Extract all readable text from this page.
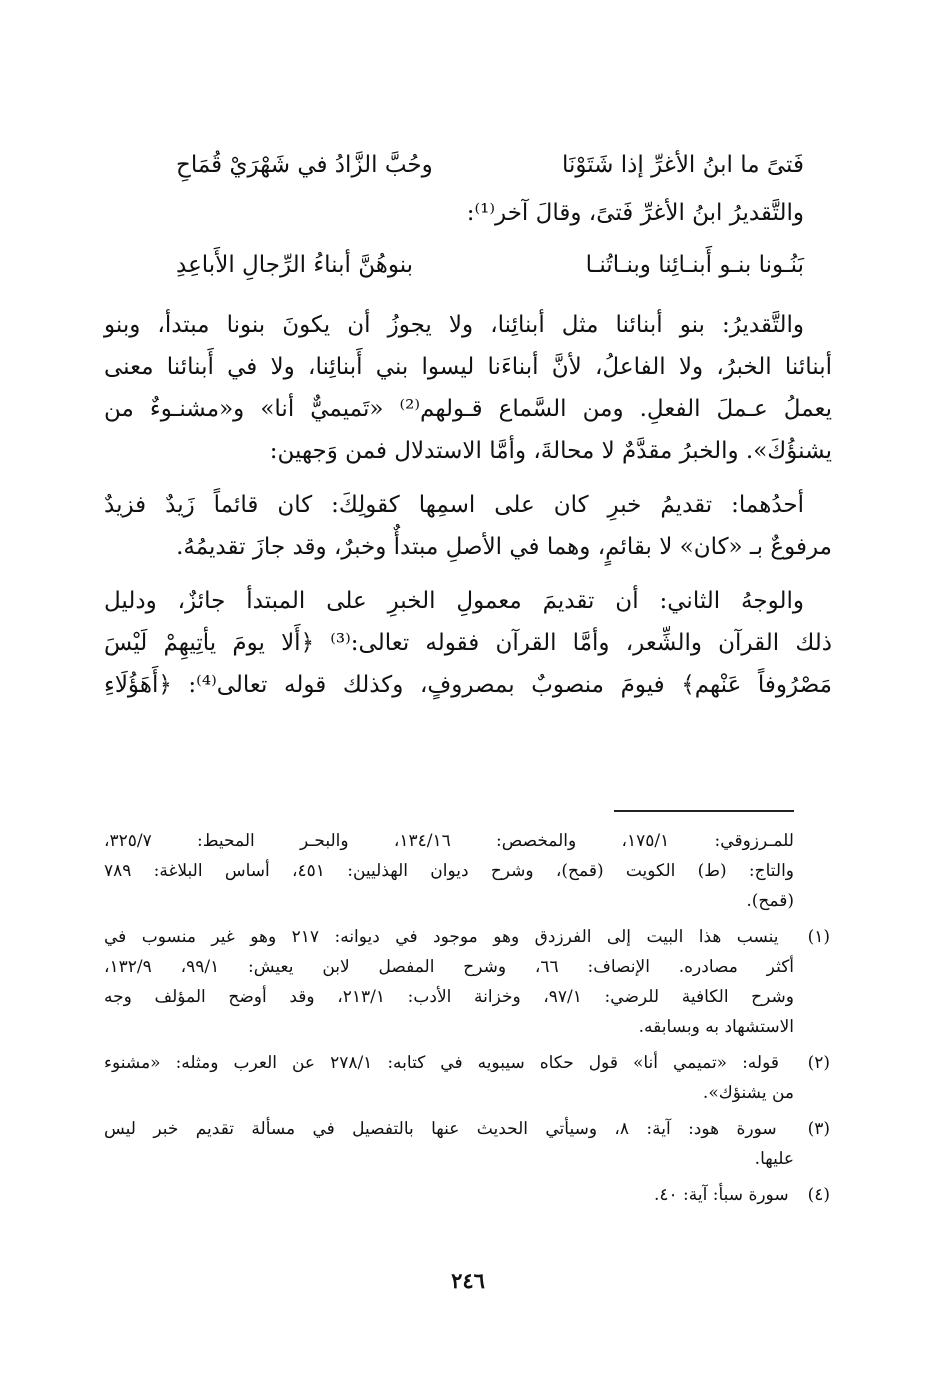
فَتىً ما ابنُ الأغرِّ إذا شَتَوْنَا
وحُبَّ الزَّادُ في شَهْرَيْ قُمَاحِ
والتَّقديرُ ابنُ الأغرِّ فَتىً، وقالَ آخر⁽¹⁾:
بَنُـونا بنـو أَبنـائِنا وبنـاتُنـا
بنوهُنَّ أبناءُ الرِّجالِ الأَباعِدِ
والتَّقديرُ: بنو أبنائنا مثل أبنائِنا، ولا يجوزُ أن يكونَ بنونا مبتدأ، وبنو
أبنائنا الخبرُ، ولا الفاعلُ، لأنَّ أبناءَنا ليسوا بني أَبنائِنا، ولا في أَبنائنا معنى
يعملُ عـملَ الفعلِ. ومن السَّماع قـولهم⁽²⁾ «تَميميٌّ أنا» و«مشنـوءٌ من
يشنؤُكَ». والخبرُ مقدَّمٌ لا محالةَ، وأمَّا الاستدلال فمن وَجهين:
أحدُهما: تقديمُ خبرِ كان على اسمِها كقولِكَ: كان قائماً زَيدٌ فزيدٌ
مرفوعٌ بـ «كان» لا بقائمٍ، وهما في الأصلِ مبتدأٌ وخبرٌ، وقد جازَ تقديمُهُ.
والوجهُ الثاني: أن تقديمَ معمولِ الخبرِ على المبتدأ جائزٌ، ودليل
ذلك القرآن والشِّعر، وأمَّا القرآن فقوله تعالى:⁽³⁾ ﴿أَلا يومَ يأتِيهِمْ لَيْسَ
مَصْرُوفاً عَنْهم﴾ فيومَ منصوبٌ بمصروفٍ، وكذلك قوله تعالى⁽⁴⁾: ﴿أَهَؤُلَاءِ
للمـرزوقي: ١٧٥/١، والمخصص: ١٣٤/١٦، والبحـر المحيط: ٣٢٥/٧،
والتاج: (ط) الكويت (قمح)، وشرح ديوان الهذليين: ٤٥١، أساس البلاغة: ٧٨٩
(قمح).
(١) ينسب هذا البيت إلى الفرزدق وهو موجود في ديوانه: ٢١٧ وهو غير منسوب في
أكثر مصادره. الإنصاف: ٦٦، وشرح المفصل لابن يعيش: ٩٩/١، ١٣٢/٩،
وشرح الكافية للرضي: ٩٧/١، وخزانة الأدب: ٢١٣/١، وقد أوضح المؤلف وجه
الاستشهاد به وبسابقه.
(٢) قوله: «تميمي أنا» قول حكاه سيبويه في كتابه: ٢٧٨/١ عن العرب ومثله: «مشنوء
من يشنؤك».
(٣) سورة هود: آية: ٨، وسيأتي الحديث عنها بالتفصيل في مسألة تقديم خبر ليس
عليها.
(٤) سورة سبأ: آية: ٤٠.
٢٤٦
